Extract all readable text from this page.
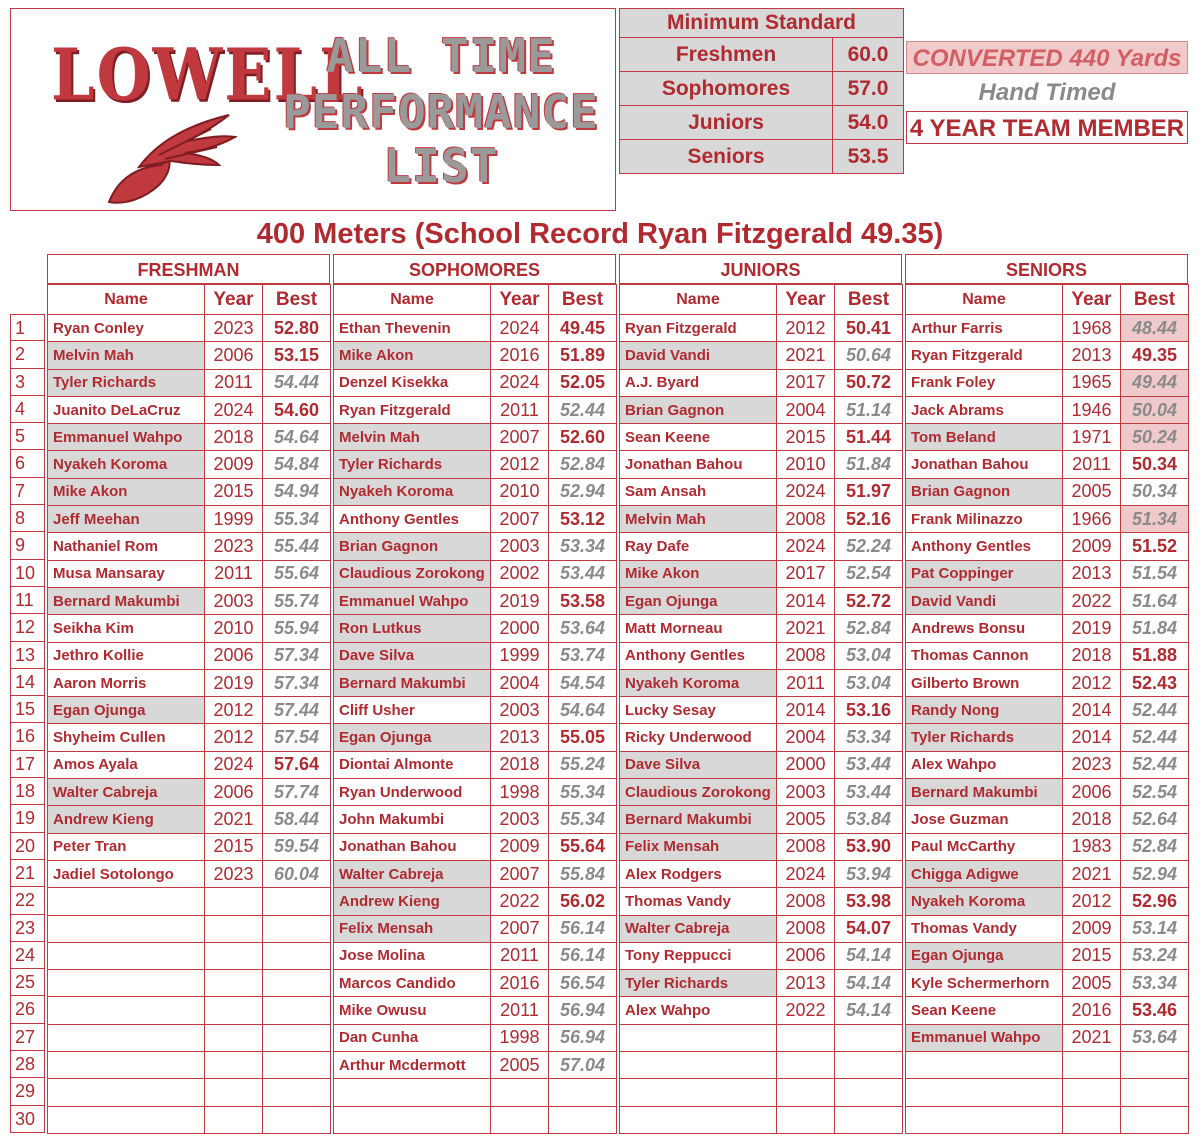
LOWELL
ALL TIME
PERFORMANCE
LIST
Minimum Standard	
Freshmen	60.0
Sophomores	57.0
Juniors	54.0
Seniors	53.5
CONVERTED 440 Yards
Hand Timed
4 YEAR TEAM MEMBER
400 Meters (School Record Ryan Fitzgerald 49.35)
1
2
3
4
5
6
7
8
9
10
11
12
13
14
15
16
17
18
19
20
21
22
23
24
25
26
27
28
29
30
FRESHMAN
Name	Year	Best
Ryan Conley	2023	52.80
Melvin Mah	2006	53.15
Tyler Richards	2011	54.44
Juanito DeLaCruz	2024	54.60
Emmanuel Wahpo	2018	54.64
Nyakeh Koroma	2009	54.84
Mike Akon	2015	54.94
Jeff Meehan	1999	55.34
Nathaniel Rom	2023	55.44
Musa Mansaray	2011	55.64
Bernard Makumbi	2003	55.74
Seikha Kim	2010	55.94
Jethro Kollie	2006	57.34
Aaron Morris	2019	57.34
Egan Ojunga	2012	57.44
Shyheim Cullen	2012	57.54
Amos Ayala	2024	57.64
Walter Cabreja	2006	57.74
Andrew Kieng	2021	58.44
Peter Tran	2015	59.54
Jadiel Sotolongo	2023	60.04

SOPHOMORES
Name	Year	Best
Ethan Thevenin	2024	49.45
Mike Akon	2016	51.89
Denzel Kisekka	2024	52.05
Ryan Fitzgerald	2011	52.44
Melvin Mah	2007	52.60
Tyler Richards	2012	52.84
Nyakeh Koroma	2010	52.94
Anthony Gentles	2007	53.12
Brian Gagnon	2003	53.34
Claudious Zorokong	2002	53.44
Emmanuel Wahpo	2019	53.58
Ron Lutkus	2000	53.64
Dave Silva	1999	53.74
Bernard Makumbi	2004	54.54
Cliff Usher	2003	54.64
Egan Ojunga	2013	55.05
Diontai Almonte	2018	55.24
Ryan Underwood	1998	55.34
John Makumbi	2003	55.34
Jonathan Bahou	2009	55.64
Walter Cabreja	2007	55.84
Andrew Kieng	2022	56.02
Felix Mensah	2007	56.14
Jose Molina	2011	56.14
Marcos Candido	2016	56.54
Mike Owusu	2011	56.94
Dan Cunha	1998	56.94
Arthur Mcdermott	2005	57.04

JUNIORS
Name	Year	Best
Ryan Fitzgerald	2012	50.41
David Vandi	2021	50.64
A.J. Byard	2017	50.72
Brian Gagnon	2004	51.14
Sean Keene	2015	51.44
Jonathan Bahou	2010	51.84
Sam Ansah	2024	51.97
Melvin Mah	2008	52.16
Ray Dafe	2024	52.24
Mike Akon	2017	52.54
Egan Ojunga	2014	52.72
Matt Morneau	2021	52.84
Anthony Gentles	2008	53.04
Nyakeh Koroma	2011	53.04
Lucky Sesay	2014	53.16
Ricky Underwood	2004	53.34
Dave Silva	2000	53.44
Claudious Zorokong	2003	53.44
Bernard Makumbi	2005	53.84
Felix Mensah	2008	53.90
Alex Rodgers	2024	53.94
Thomas Vandy	2008	53.98
Walter Cabreja	2008	54.07
Tony Reppucci	2006	54.14
Tyler Richards	2013	54.14
Alex Wahpo	2022	54.14

SENIORS
Name	Year	Best
Arthur Farris	1968	48.44
Ryan Fitzgerald	2013	49.35
Frank Foley	1965	49.44
Jack Abrams	1946	50.04
Tom Beland	1971	50.24
Jonathan Bahou	2011	50.34
Brian Gagnon	2005	50.34
Frank Milinazzo	1966	51.34
Anthony Gentles	2009	51.52
Pat Coppinger	2013	51.54
David Vandi	2022	51.64
Andrews Bonsu	2019	51.84
Thomas Cannon	2018	51.88
Gilberto Brown	2012	52.43
Randy Nong	2014	52.44
Tyler Richards	2014	52.44
Alex Wahpo	2023	52.44
Bernard Makumbi	2006	52.54
Jose Guzman	2018	52.64
Paul McCarthy	1983	52.84
Chigga Adigwe	2021	52.94
Nyakeh Koroma	2012	52.96
Thomas Vandy	2009	53.14
Egan Ojunga	2015	53.24
Kyle Schermerhorn	2005	53.34
Sean Keene	2016	53.46
Emmanuel Wahpo	2021	53.64
